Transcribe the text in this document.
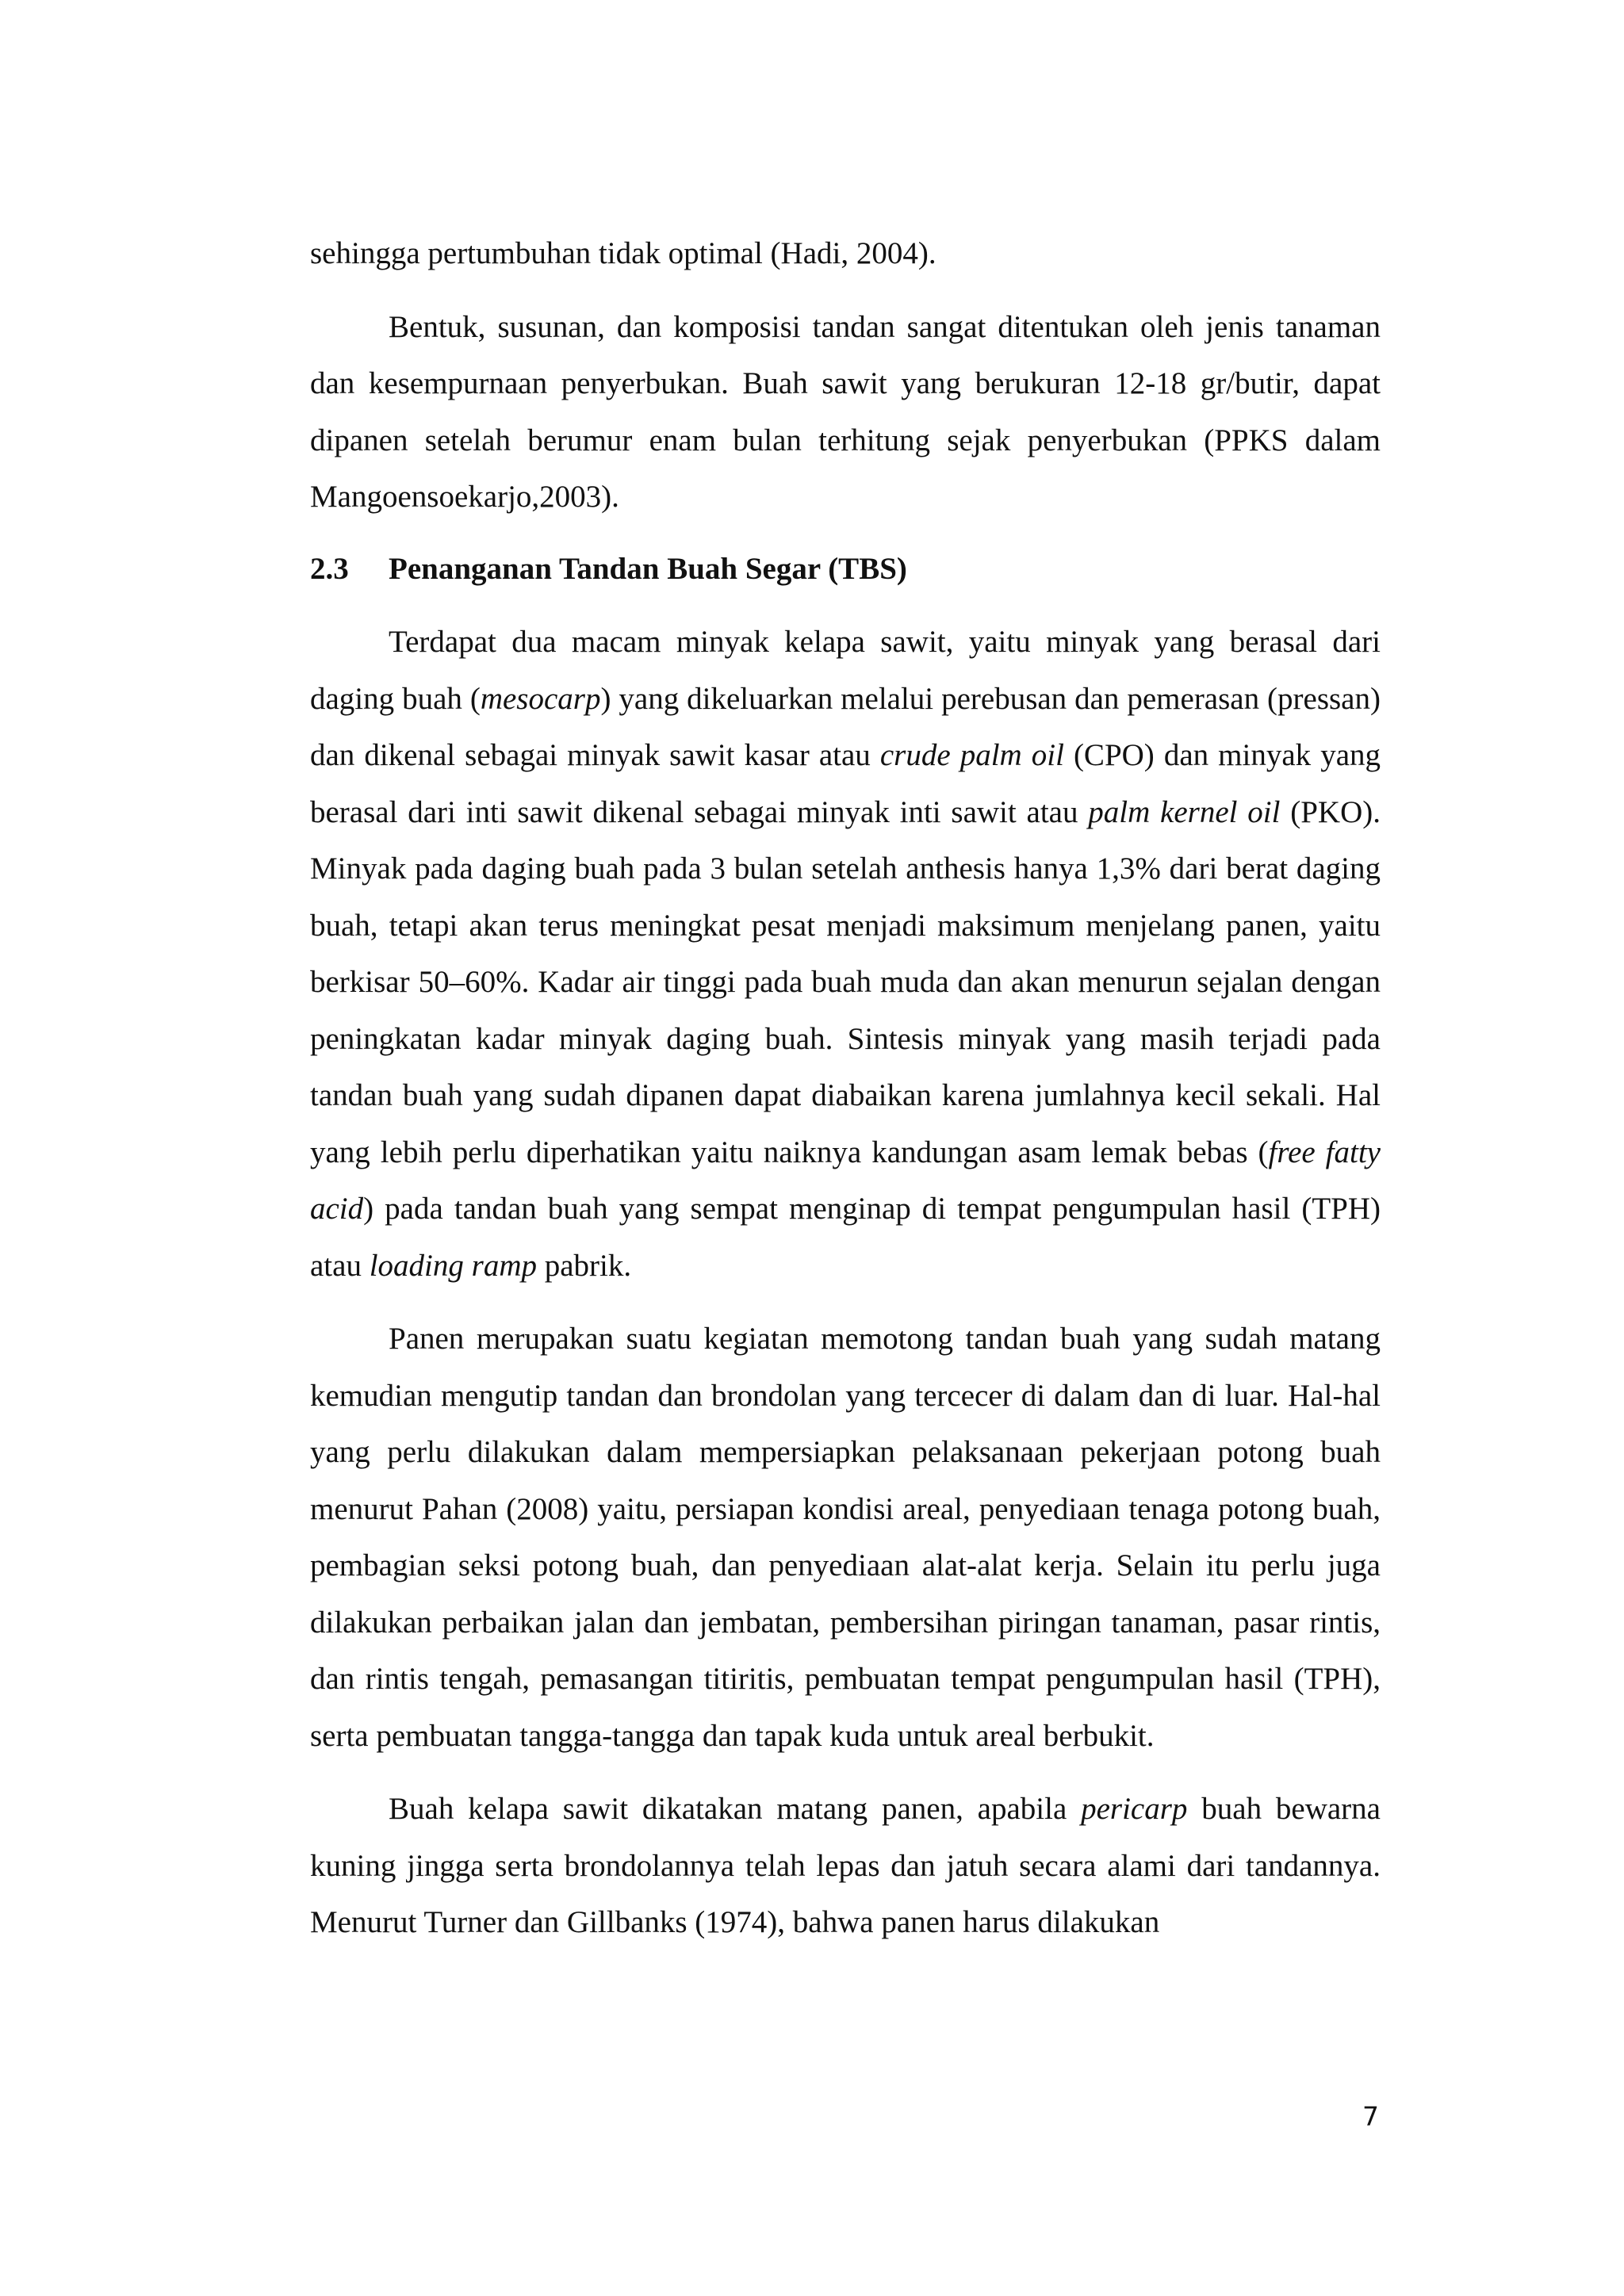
sehingga pertumbuhan tidak optimal (Hadi, 2004).

Bentuk, susunan, dan komposisi tandan sangat ditentukan oleh jenis tanaman dan kesempurnaan penyerbukan. Buah sawit yang berukuran 12-18 gr/butir, dapat dipanen setelah berumur enam bulan terhitung sejak penyerbukan (PPKS dalam Mangoensoekarjo,2003).

2.3 Penanganan Tandan Buah Segar (TBS)

Terdapat dua macam minyak kelapa sawit, yaitu minyak yang berasal dari daging buah (mesocarp) yang dikeluarkan melalui perebusan dan pemerasan (pressan) dan dikenal sebagai minyak sawit kasar atau crude palm oil (CPO) dan minyak yang berasal dari inti sawit dikenal sebagai minyak inti sawit atau palm kernel oil (PKO). Minyak pada daging buah pada 3 bulan setelah anthesis hanya 1,3% dari berat daging buah, tetapi akan terus meningkat pesat menjadi maksimum menjelang panen, yaitu berkisar 50–60%. Kadar air tinggi pada buah muda dan akan menurun sejalan dengan peningkatan kadar minyak daging buah. Sintesis minyak yang masih terjadi pada tandan buah yang sudah dipanen dapat diabaikan karena jumlahnya kecil sekali. Hal yang lebih perlu diperhatikan yaitu naiknya kandungan asam lemak bebas (free fatty acid) pada tandan buah yang sempat menginap di tempat pengumpulan hasil (TPH) atau loading ramp pabrik.

Panen merupakan suatu kegiatan memotong tandan buah yang sudah matang kemudian mengutip tandan dan brondolan yang tercecer di dalam dan di luar. Hal-hal yang perlu dilakukan dalam mempersiapkan pelaksanaan pekerjaan potong buah menurut Pahan (2008) yaitu, persiapan kondisi areal, penyediaan tenaga potong buah, pembagian seksi potong buah, dan penyediaan alat-alat kerja. Selain itu perlu juga dilakukan perbaikan jalan dan jembatan, pembersihan piringan tanaman, pasar rintis, dan rintis tengah, pemasangan titiritis, pembuatan tempat pengumpulan hasil (TPH), serta pembuatan tangga-tangga dan tapak kuda untuk areal berbukit.

Buah kelapa sawit dikatakan matang panen, apabila pericarp buah bewarna kuning jingga serta brondolannya telah lepas dan jatuh secara alami dari tandannya. Menurut Turner dan Gillbanks (1974), bahwa panen harus dilakukan

7
